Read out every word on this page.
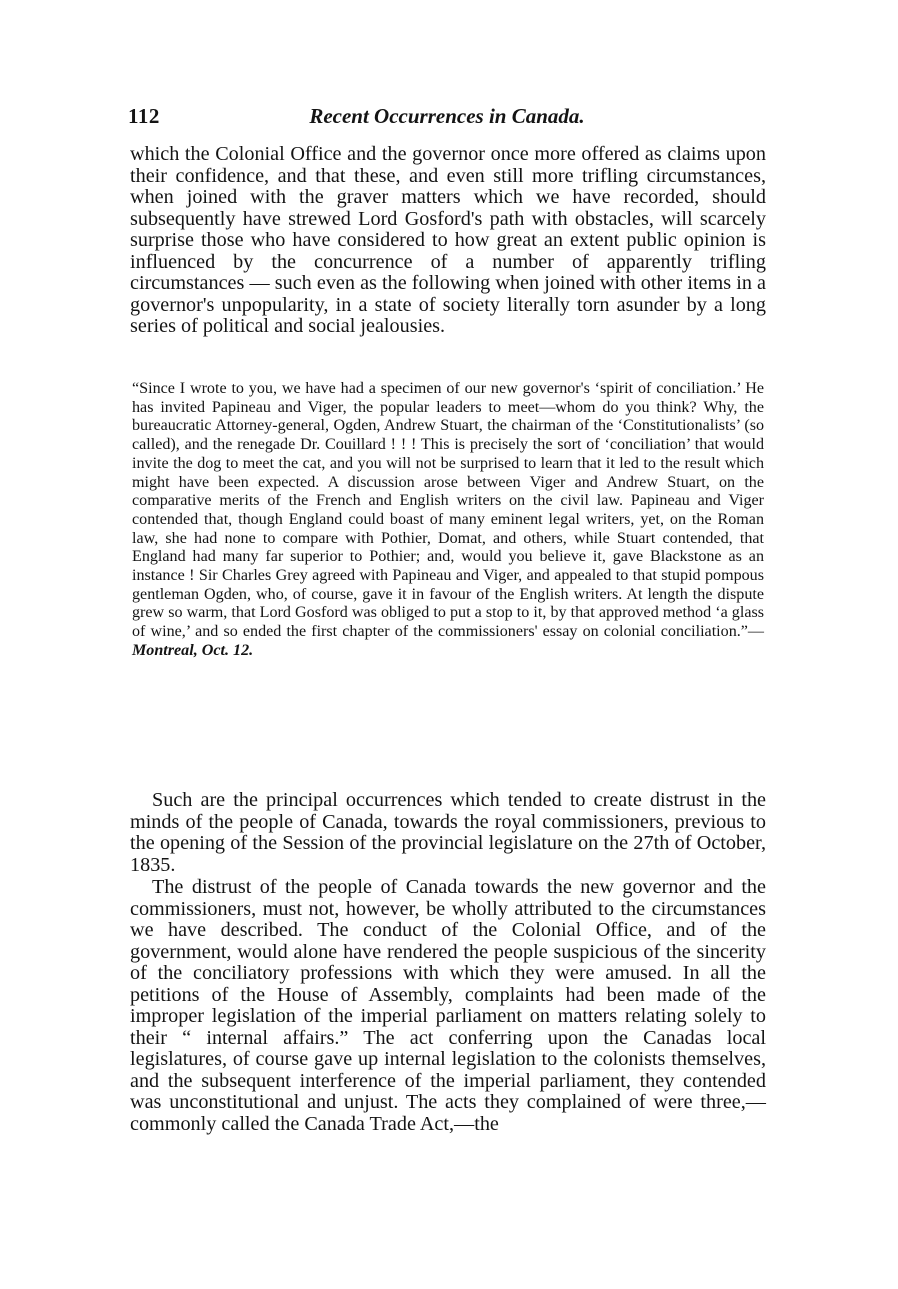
112	Recent Occurrences in Canada.

which the Colonial Office and the governor once more offered as claims upon their confidence, and that these, and even still more trifling circumstances, when joined with the graver matters which we have recorded, should subsequently have strewed Lord Gosford's path with obstacles, will scarcely surprise those who have considered to how great an extent public opinion is influenced by the concurrence of a number of apparently trifling circumstances — such even as the following when joined with other items in a governor's unpopularity, in a state of society literally torn asunder by a long series of political and social jealousies.

“Since I wrote to you, we have had a specimen of our new governor's ‘spirit of conciliation.’ He has invited Papineau and Viger, the popular leaders to meet—whom do you think? Why, the bureaucratic Attorney-general, Ogden, Andrew Stuart, the chairman of the ‘Constitutionalists’ (so called), and the renegade Dr. Couillard ! ! ! This is precisely the sort of ‘conciliation’ that would invite the dog to meet the cat, and you will not be surprised to learn that it led to the result which might have been expected. A discussion arose between Viger and Andrew Stuart, on the comparative merits of the French and English writers on the civil law. Papineau and Viger contended that, though England could boast of many eminent legal writers, yet, on the Roman law, she had none to compare with Pothier, Domat, and others, while Stuart contended, that England had many far superior to Pothier; and, would you believe it, gave Blackstone as an instance ! Sir Charles Grey agreed with Papineau and Viger, and appealed to that stupid pompous gentleman Ogden, who, of course, gave it in favour of the English writers. At length the dispute grew so warm, that Lord Gosford was obliged to put a stop to it, by that approved method ‘a glass of wine,’ and so ended the first chapter of the commissioners' essay on colonial conciliation.”—Montreal, Oct. 12.

Such are the principal occurrences which tended to create distrust in the minds of the people of Canada, towards the royal commissioners, previous to the opening of the Session of the provincial legislature on the 27th of October, 1835.

The distrust of the people of Canada towards the new governor and the commissioners, must not, however, be wholly attributed to the circumstances we have described. The conduct of the Colonial Office, and of the government, would alone have rendered the people suspicious of the sincerity of the conciliatory professions with which they were amused. In all the petitions of the House of Assembly, complaints had been made of the improper legislation of the imperial parliament on matters relating solely to their “ internal affairs.” The act conferring upon the Canadas local legislatures, of course gave up internal legislation to the colonists themselves, and the subsequent interference of the imperial parliament, they contended was unconstitutional and unjust. The acts they complained of were three,—commonly called the Canada Trade Act,—the
